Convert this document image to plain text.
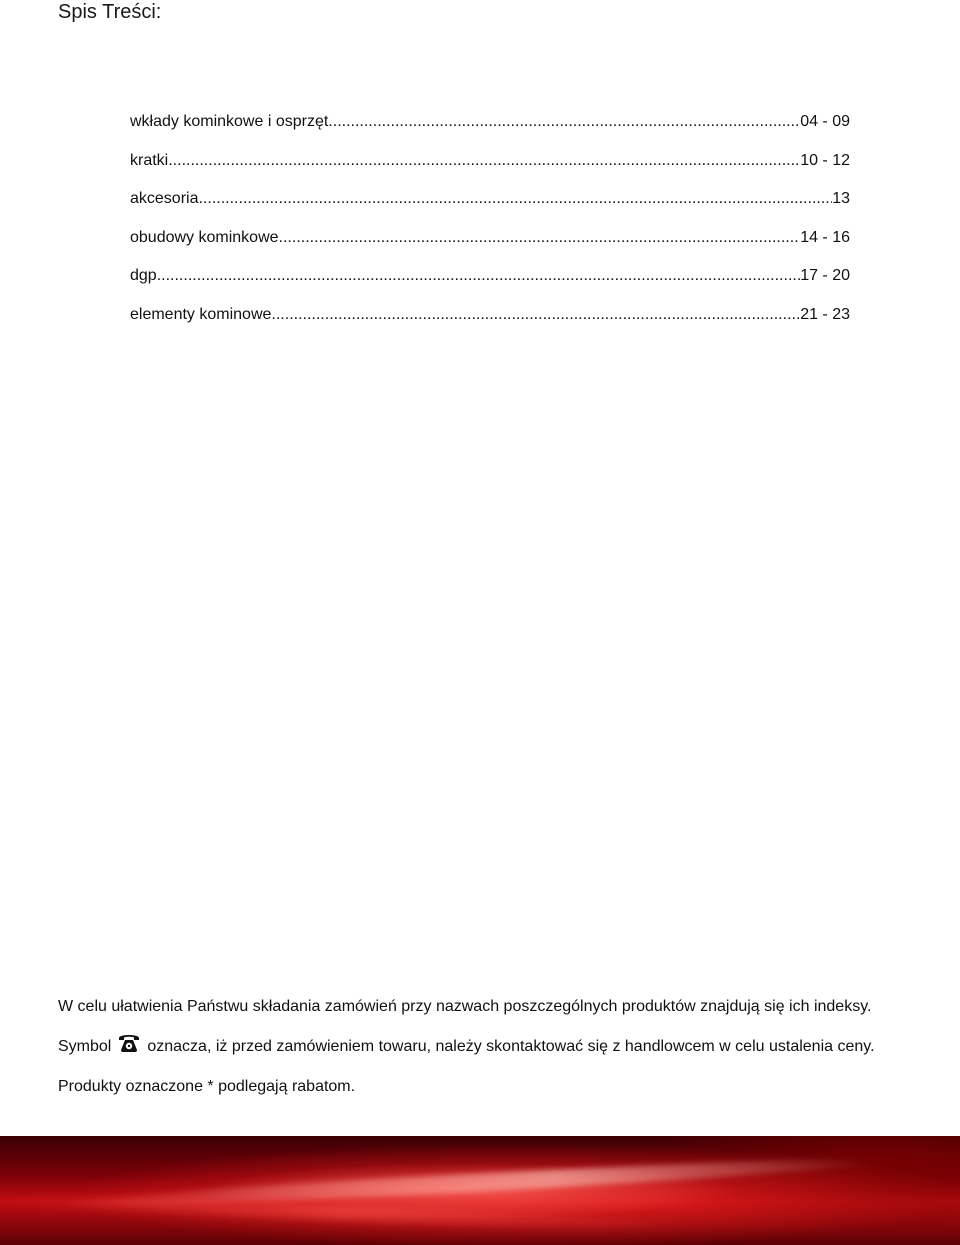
Spis Treści:
wkłady kominkowe i osprzęt .....	04 - 09
kratki .....	10 - 12
akcesoria .....	13
obudowy kominkowe .....	14 - 16
dgp .....	17 - 20
elementy kominowe .....	21 - 23
W celu ułatwienia Państwu składania zamówień przy nazwach poszczególnych produktów znajdują się ich indeksy.
Symbol oznacza, iż przed zamówieniem towaru, należy skontaktować się z handlowcem w celu ustalenia ceny.
Produkty oznaczone * podlegają rabatom.
